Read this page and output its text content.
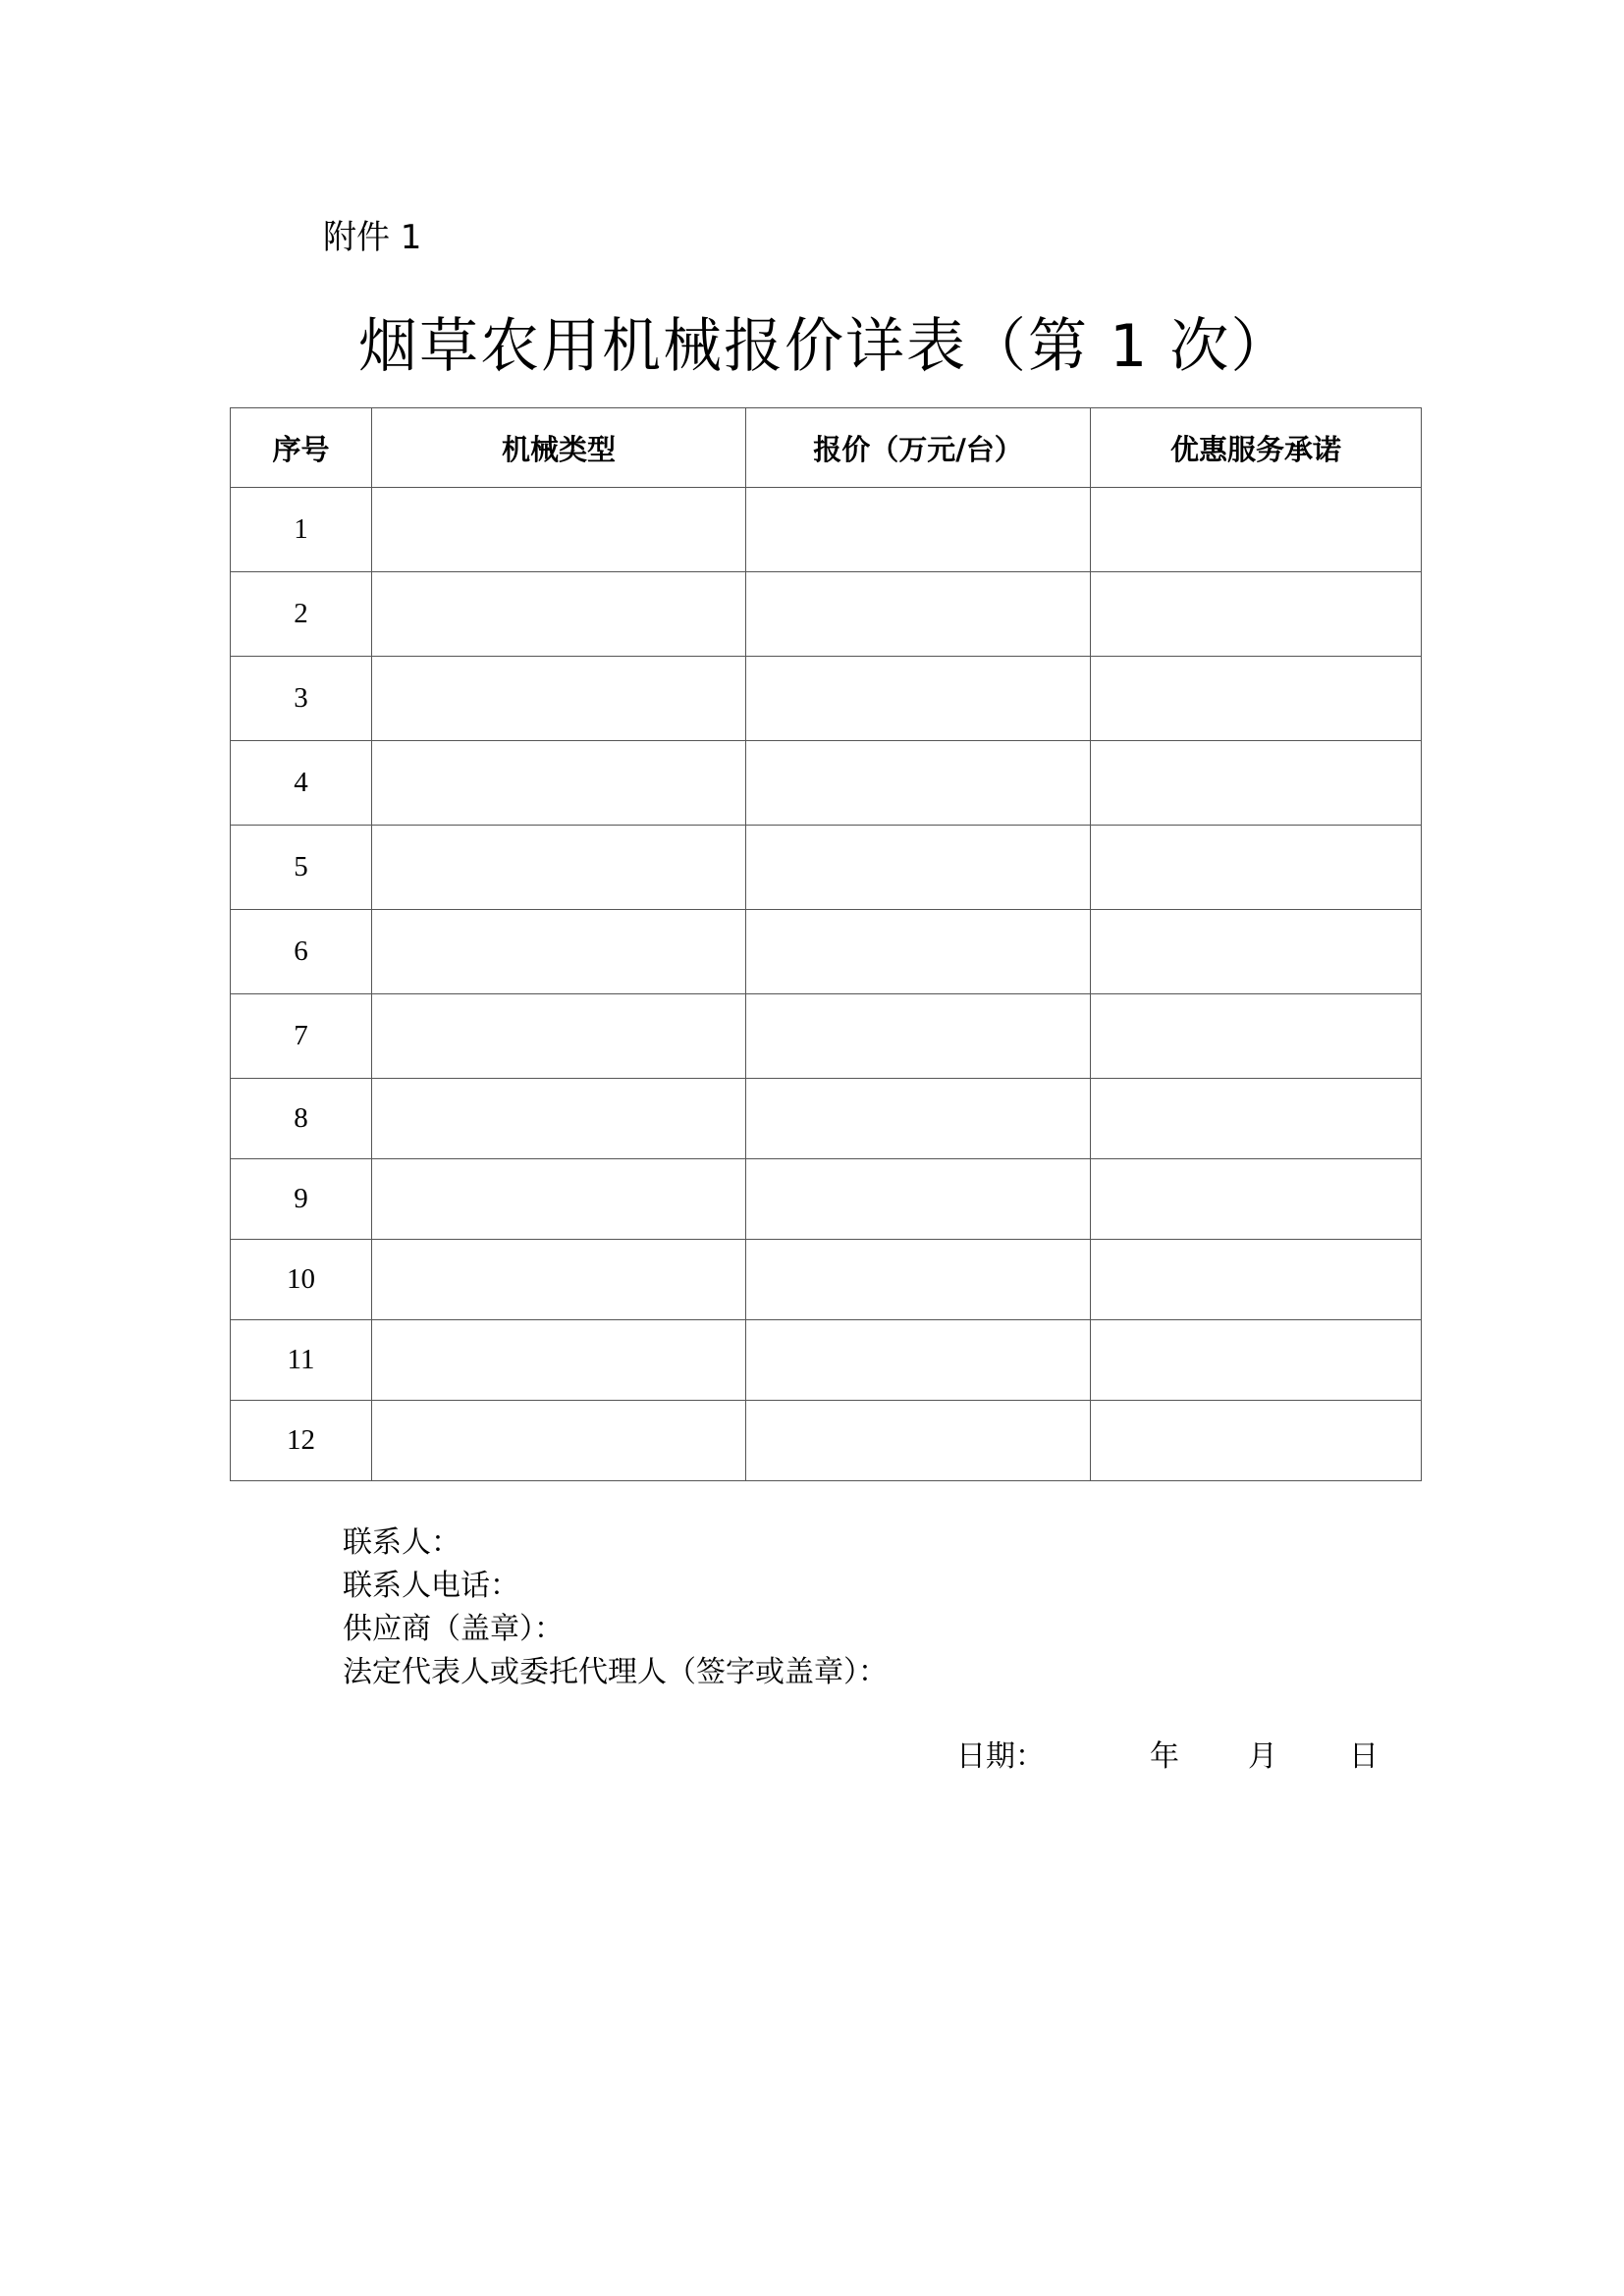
附件 1
烟草农用机械报价详表（第 1 次）
序号	机械类型	报价（万元/台）	优惠服务承诺
1			
2			
3			
4			
5			
6			
7			
8			
9			
10			
11			
12			
联系人：
联系人电话：
供应商（盖章）：
法定代表人或委托代理人（签字或盖章）：
日期：	年 月 日
